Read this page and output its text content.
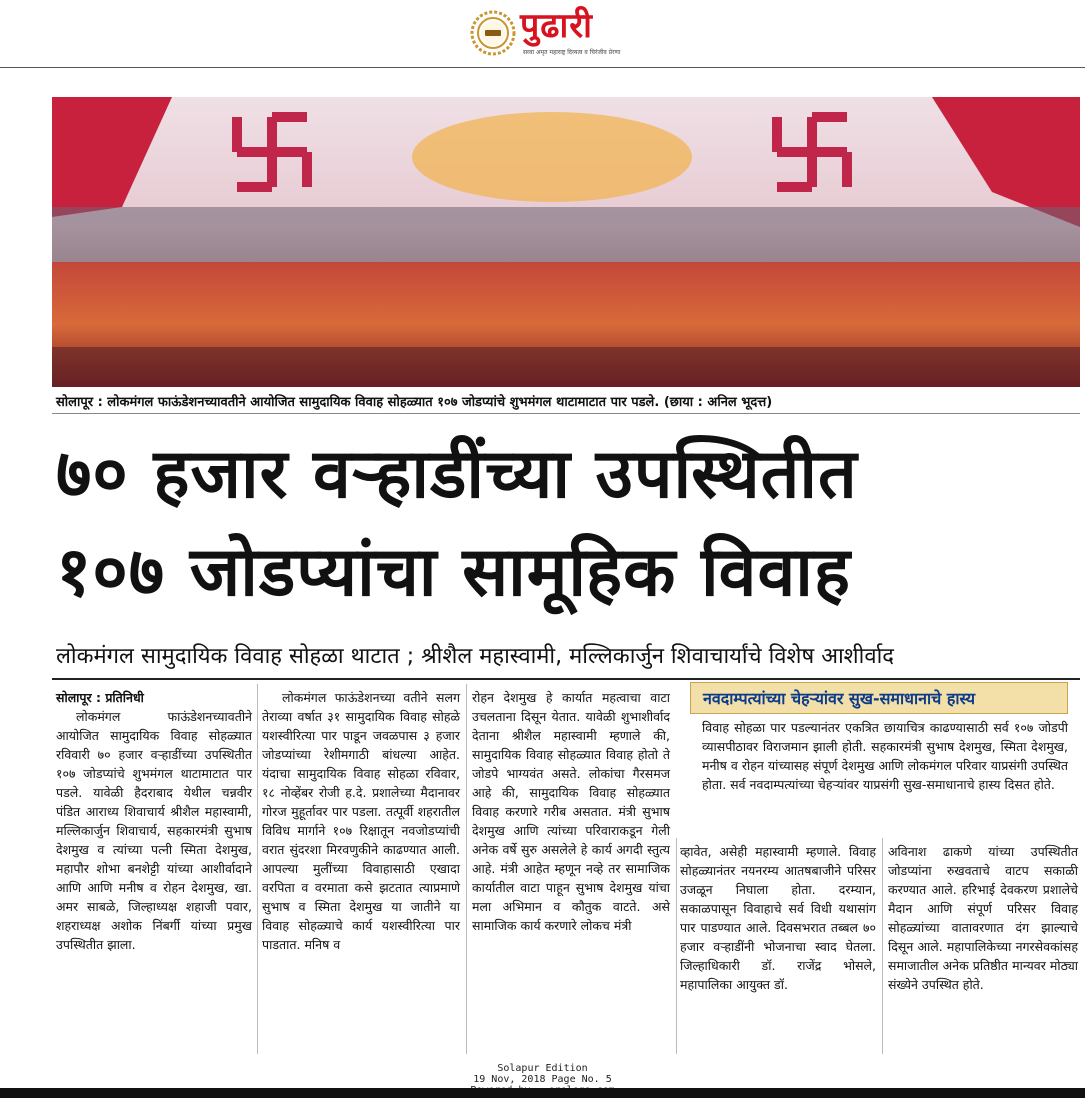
पुढारी
सव्वा अमृत महाराष्ट्र दिव्यत्व व चिरंजीव प्रेरणा
सोलापूर : लोकमंगल फाऊंडेशनच्यावतीने आयोजित सामुदायिक विवाह सोहळ्यात १०७ जोडप्यांचे शुभमंगल थाटामाटात पार पडले. (छाया : अनिल भूदत्त)
७० हजार वऱ्हाडींच्या उपस्थितीत
१०७ जोडप्यांचा सामूहिक विवाह
लोकमंगल सामुदायिक विवाह सोहळा थाटात ; श्रीशैल महास्वामी, मल्लिकार्जुन शिवाचार्यांचे विशेष आशीर्वाद

सोलापूर : प्रतिनिधी

लोकमंगल फाऊंडेशनच्यावतीने आयोजित सामुदायिक विवाह सोहळ्यात रविवारी ७० हजार वऱ्हाडींच्या उपस्थितीत १०७ जोडप्यांचे शुभमंगल थाटामाटात पार पडले. यावेळी हैदराबाद येथील चन्नवीर पंडित आराध्य शिवाचार्य श्रीशैल महास्वामी, मल्लिकार्जुन शिवाचार्य, सहकारमंत्री सुभाष देशमुख व त्यांच्या पत्नी स्मिता देशमुख, महापौर शोभा बनशेट्टी यांच्या आशीर्वादाने आणि आणि मनीष व रोहन देशमुख, खा. अमर साबळे, जिल्हाध्यक्ष शहाजी पवार, शहराध्यक्ष अशोक निंबर्गी यांच्या प्रमुख उपस्थितीत झाला.

लोकमंगल फाऊंडेशनच्या वतीने सलग तेराव्या वर्षात ३१ सामुदायिक विवाह सोहळे यशस्वीरित्या पार पाडून जवळपास ३ हजार जोडप्यांच्या रेशीमगाठी बांधल्या आहेत. यंदाचा सामुदायिक विवाह सोहळा रविवार, १८ नोव्हेंबर रोजी ह.दे. प्रशालेच्या मैदानावर गोरज मुहूर्तावर पार पडला. तत्पूर्वी शहरातील विविध मार्गाने १०७ रिक्षातून नवजोडप्यांची वरात सुंदरशा मिरवणुकीने काढण्यात आली. आपल्या मुलींच्या विवाहासाठी एखादा वरपिता व वरमाता कसे झटतात त्याप्रमाणे सुभाष व स्मिता देशमुख या जातीने या विवाह सोहळ्याचे कार्य यशस्वीरित्या पार पाडतात. मनिष व

रोहन देशमुख हे कार्यात महत्वाचा वाटा उचलताना दिसून येतात. यावेळी शुभाशीर्वाद देताना श्रीशैल महास्वामी म्हणाले की, सामुदायिक विवाह सोहळ्यात विवाह होतो ते जोडपे भाग्यवंत असते. लोकांचा गैरसमज आहे की, सामुदायिक विवाह सोहळ्यात विवाह करणारे गरीब असतात. मंत्री सुभाष देशमुख आणि त्यांच्या परिवाराकडून गेली अनेक वर्षे सुरु असलेले हे कार्य अगदी स्तुत्य आहे. मंत्री आहेत म्हणून नव्हे तर सामाजिक कार्यातील वाटा पाहून सुभाष देशमुख यांचा मला अभिमान व कौतुक वाटते. असे सामाजिक कार्य करणारे लोकच मंत्री

नवदाम्पत्यांच्या चेहऱ्यांवर सुख-समाधानाचे हास्य
विवाह सोहळा पार पडल्यानंतर एकत्रित छायाचित्र काढण्यासाठी सर्व १०७ जोडपी व्यासपीठावर विराजमान झाली होती. सहकारमंत्री सुभाष देशमुख, स्मिता देशमुख, मनीष व रोहन यांच्यासह संपूर्ण देशमुख आणि लोकमंगल परिवार याप्रसंगी उपस्थित होता. सर्व नवदाम्पत्यांच्या चेहऱ्यांवर याप्रसंगी सुख-समाधानाचे हास्य दिसत होते.

व्हावेत, असेही महास्वामी म्हणाले. विवाह सोहळ्यानंतर नयनरम्य आतषबाजीने परिसर उजळून निघाला होता. दरम्यान, सकाळपासून विवाहाचे सर्व विधी यथासांग पार पाडण्यात आले. दिवसभरात तब्बल ७० हजार वऱ्हाडींनी भोजनाचा स्वाद घेतला. जिल्हाधिकारी डॉ. राजेंद्र भोसले, महापालिका आयुक्त डॉ.

अविनाश ढाकणे यांच्या उपस्थितीत जोडप्यांना रुखवताचे वाटप सकाळी करण्यात आले. हरिभाई देवकरण प्रशालेचे मैदान आणि संपूर्ण परिसर विवाह सोहळ्यांच्या वातावरणात दंग झाल्याचे दिसून आले. महापालिकेच्या नगरसेवकांसह समाजातील अनेक प्रतिष्ठीत मान्यवर मोठ्या संख्येने उपस्थित होते.

Solapur Edition
19 Nov, 2018 Page No. 5
